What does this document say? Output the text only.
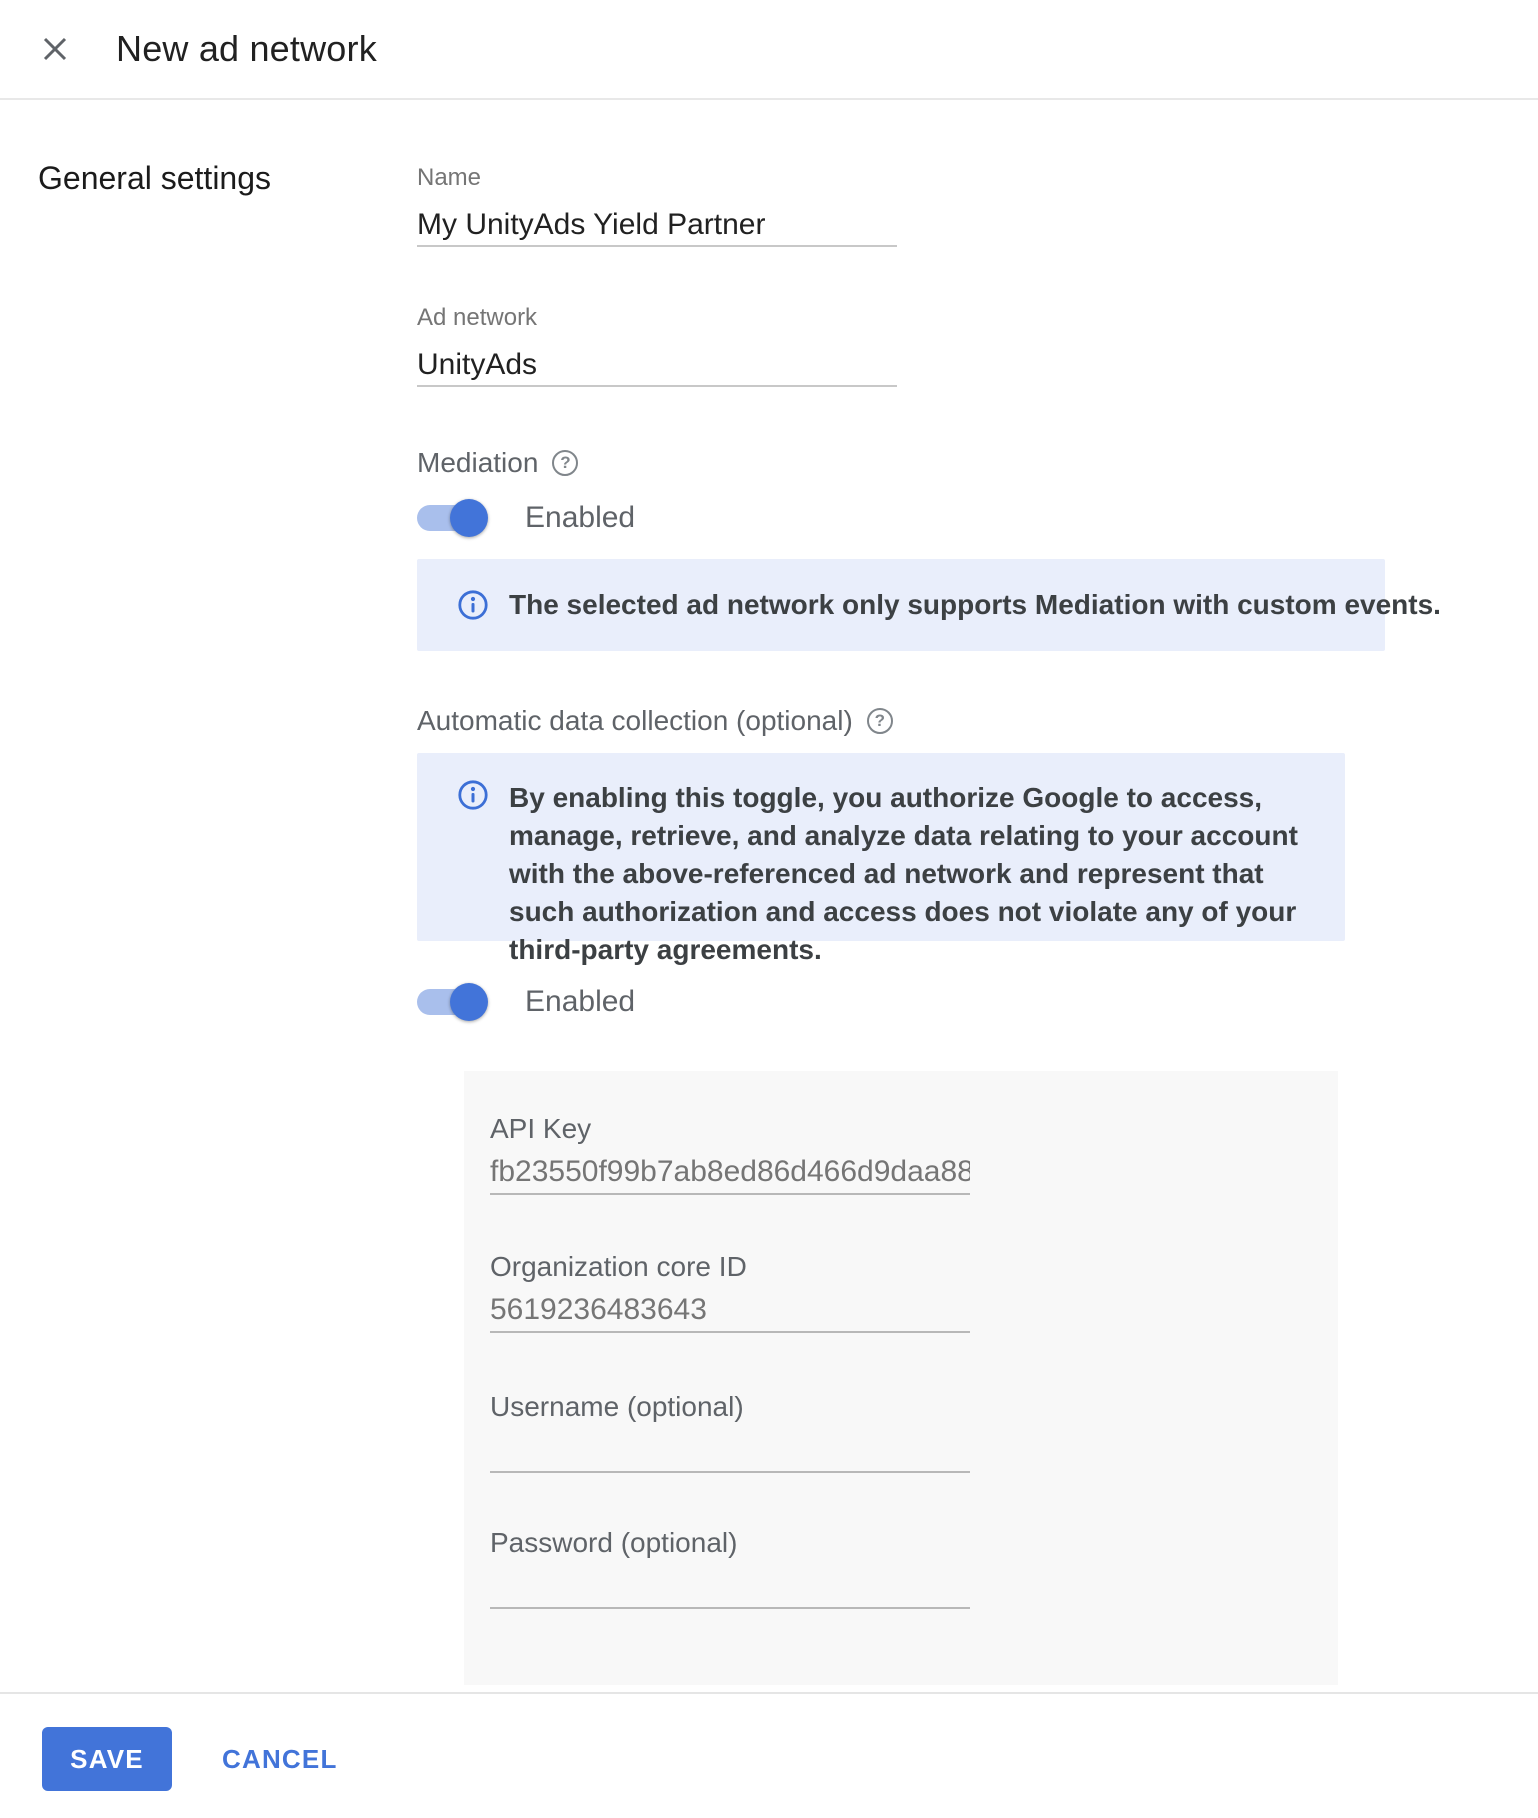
New ad network
General settings	Name
My UnityAds Yield Partner
Ad network
UnityAds
Mediation	?
Enabled
The selected ad network only supports Mediation with custom events.
Automatic data collection (optional)	?
By enabling this toggle, you authorize Google to access, manage, retrieve, and analyze data relating to your account with the above-referenced ad network and represent that such authorization and access does not violate any of your third-party agreements.
Enabled
API Key
fb23550f99b7ab8ed86d466d9daa88e2…
Organization core ID
5619236483643
Username (optional)
Password (optional)
SAVE	CANCEL
